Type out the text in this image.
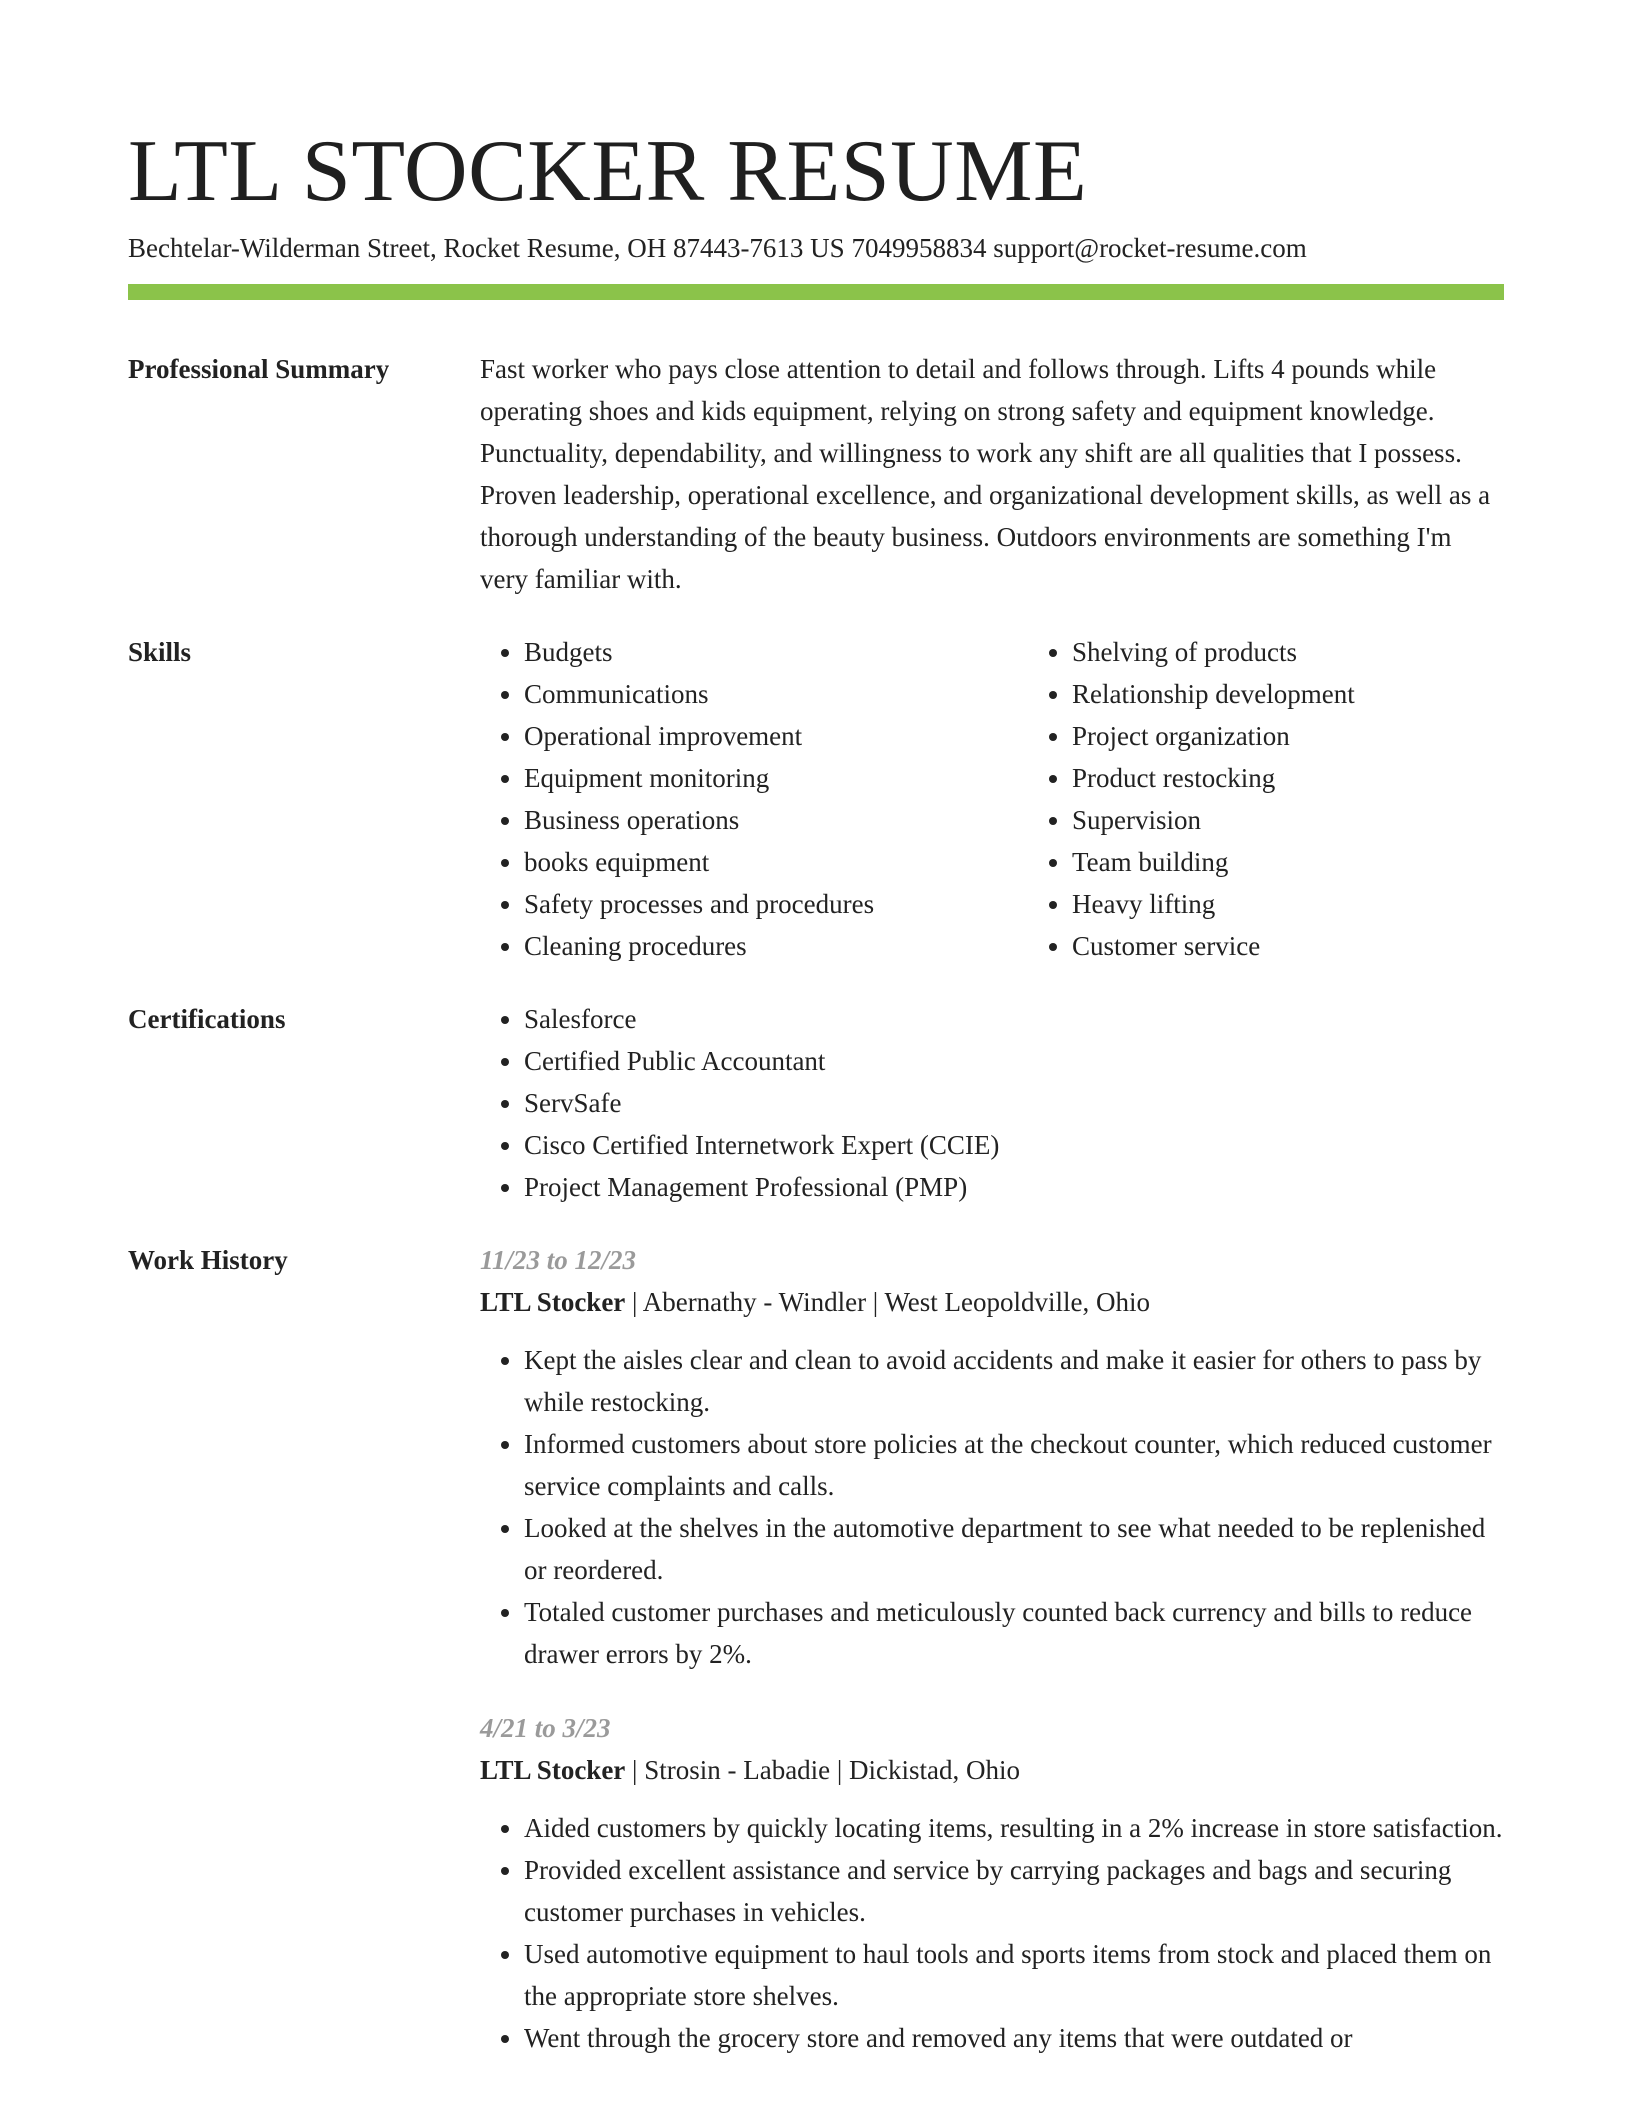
LTL STOCKER RESUME
Bechtelar-Wilderman Street, Rocket Resume, OH 87443-7613 US 7049958834 support@rocket-resume.com
Professional Summary	Fast worker who pays close attention to detail and follows through. Lifts 4 pounds while operating shoes and kids equipment, relying on strong safety and equipment knowledge. Punctuality, dependability, and willingness to work any shift are all qualities that I possess. Proven leadership, operational excellence, and organizational development skills, as well as a thorough understanding of the beauty business. Outdoors environments are something I'm very familiar with.

Skills	• Budgets
• Communications
• Operational improvement
• Equipment monitoring
• Business operations
• books equipment
• Safety processes and procedures
• Cleaning procedures
• Shelving of products
• Relationship development
• Project organization
• Product restocking
• Supervision
• Team building
• Heavy lifting
• Customer service
Certifications	• Salesforce
• Certified Public Accountant
• ServSafe
• Cisco Certified Internetwork Expert (CCIE)
• Project Management Professional (PMP)
Work History	11/23 to 12/23
LTL Stocker | Abernathy - Windler | West Leopoldville, Ohio
• Kept the aisles clear and clean to avoid accidents and make it easier for others to pass by while restocking.
• Informed customers about store policies at the checkout counter, which reduced customer service complaints and calls.
• Looked at the shelves in the automotive department to see what needed to be replenished or reordered.
• Totaled customer purchases and meticulously counted back currency and bills to reduce drawer errors by 2%.
4/21 to 3/23
LTL Stocker | Strosin - Labadie | Dickistad, Ohio
• Aided customers by quickly locating items, resulting in a 2% increase in store satisfaction.
• Provided excellent assistance and service by carrying packages and bags and securing customer purchases in vehicles.
• Used automotive equipment to haul tools and sports items from stock and placed them on the appropriate store shelves.
• Went through the grocery store and removed any items that were outdated or
